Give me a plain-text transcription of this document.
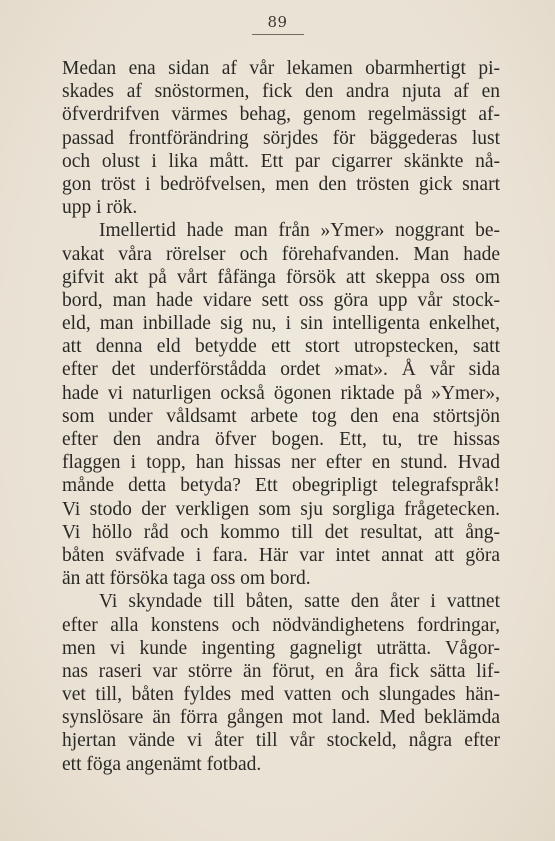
89
Medan ena sidan af vår lekamen obarmhertigt pi-
skades af snöstormen, fick den andra njuta af en
öfverdrifven värmes behag, genom regelmässigt af-
passad frontförändring sörjdes för bäggederas lust
och olust i lika mått. Ett par cigarrer skänkte nå-
gon tröst i bedröfvelsen, men den trösten gick snart
upp i rök.
Imellertid hade man från »Ymer» noggrant be-
vakat våra rörelser och förehafvanden. Man hade
gifvit akt på vårt fåfänga försök att skeppa oss om
bord, man hade vidare sett oss göra upp vår stock-
eld, man inbillade sig nu, i sin intelligenta enkelhet,
att denna eld betydde ett stort utropstecken, satt
efter det underförstådda ordet »mat». Å vår sida
hade vi naturligen också ögonen riktade på »Ymer»,
som under våldsamt arbete tog den ena störtsjön
efter den andra öfver bogen. Ett, tu, tre hissas
flaggen i topp, han hissas ner efter en stund. Hvad
månde detta betyda? Ett obegripligt telegrafspråk!
Vi stodo der verkligen som sju sorgliga frågetecken.
Vi höllo råd och kommo till det resultat, att ång-
båten sväfvade i fara. Här var intet annat att göra
än att försöka taga oss om bord.
Vi skyndade till båten, satte den åter i vattnet
efter alla konstens och nödvändighetens fordringar,
men vi kunde ingenting gagneligt uträtta. Vågor-
nas raseri var större än förut, en åra fick sätta lif-
vet till, båten fyldes med vatten och slungades hän-
synslösare än förra gången mot land. Med beklämda
hjertan vände vi åter till vår stockeld, några efter
ett föga angenämt fotbad.
